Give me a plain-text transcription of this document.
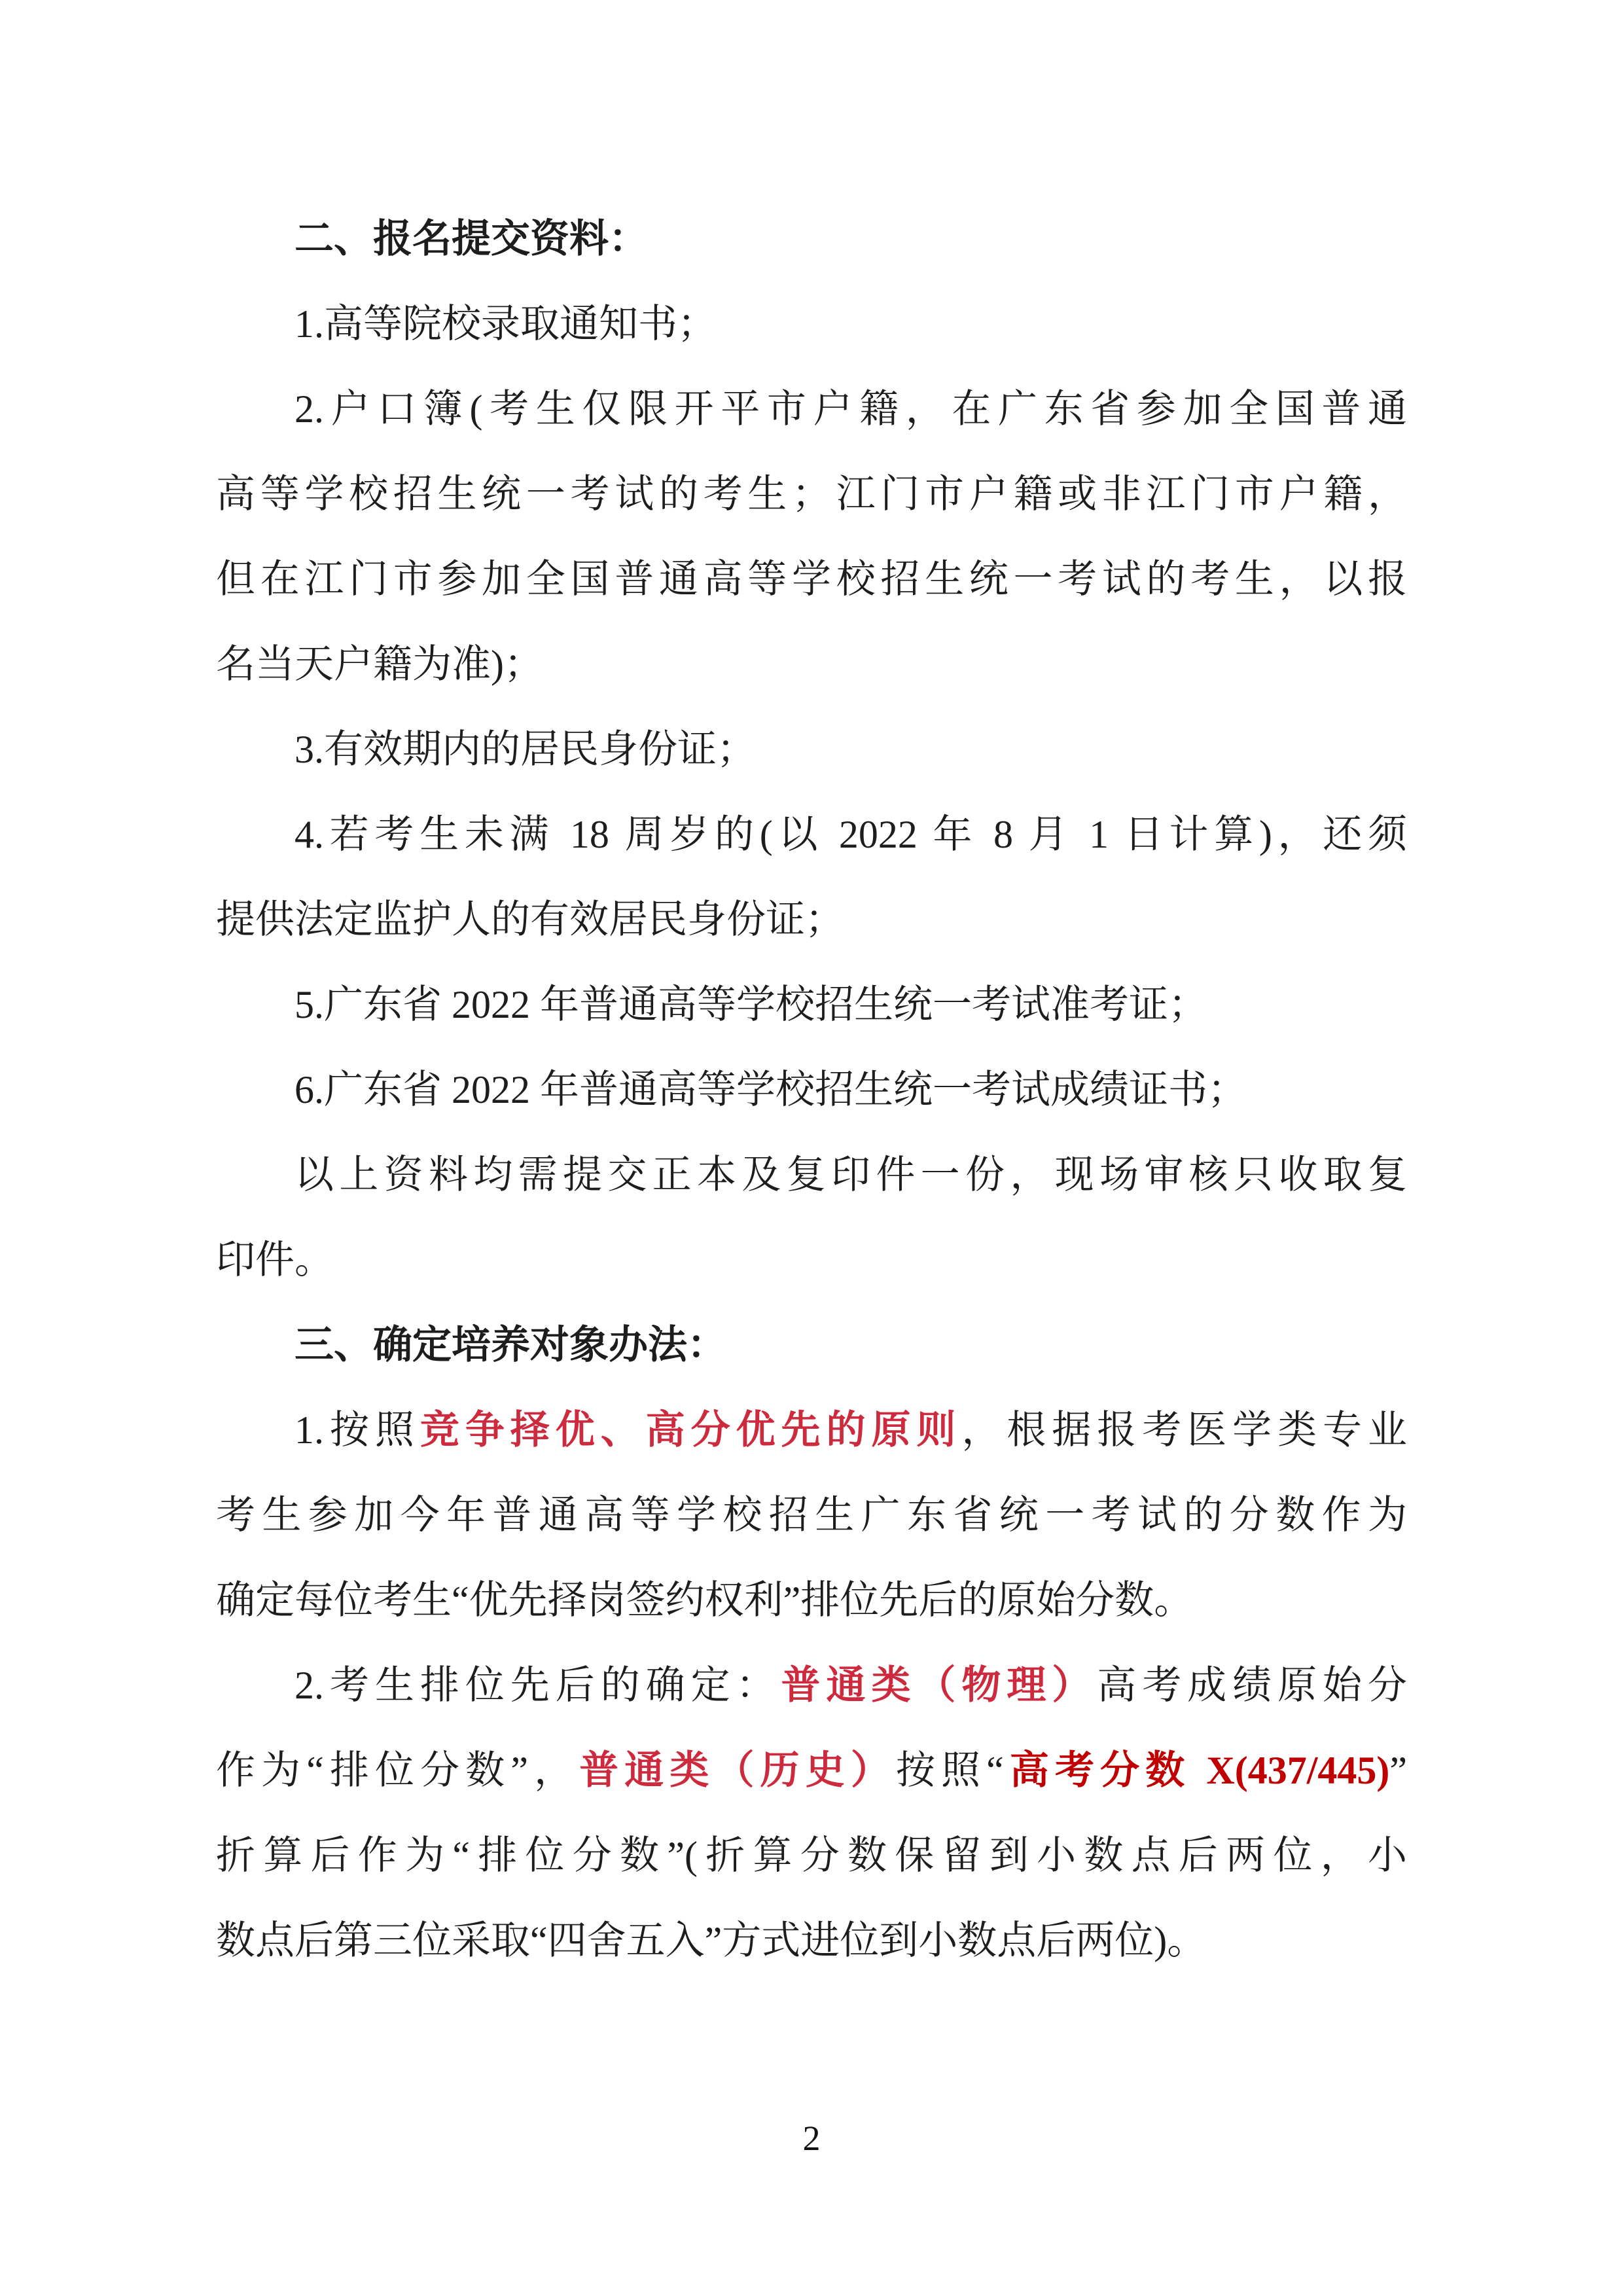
二、报名提交资料：
1.高等院校录取通知书；
2.户口簿(考生仅限开平市户籍，在广东省参加全国普通
高等学校招生统一考试的考生；江门市户籍或非江门市户籍，
但在江门市参加全国普通高等学校招生统一考试的考生，以报
名当天户籍为准)；
3.有效期内的居民身份证；
4.若考生未满 18 周岁的(以 2022 年 8 月 1 日计算)，还须
提供法定监护人的有效居民身份证；
5.广东省 2022 年普通高等学校招生统一考试准考证；
6.广东省 2022 年普通高等学校招生统一考试成绩证书；
以上资料均需提交正本及复印件一份，现场审核只收取复
印件。
三、确定培养对象办法：
1.按照竞争择优、高分优先的原则，根据报考医学类专业
考生参加今年普通高等学校招生广东省统一考试的分数作为
确定每位考生“优先择岗签约权利”排位先后的原始分数。
2.考生排位先后的确定：普通类（物理）高考成绩原始分
作为“排位分数”，普通类（历史）按照“高考分数 X(437/445)”
折算后作为“排位分数”(折算分数保留到小数点后两位，小
数点后第三位采取“四舍五入”方式进位到小数点后两位)。
2
